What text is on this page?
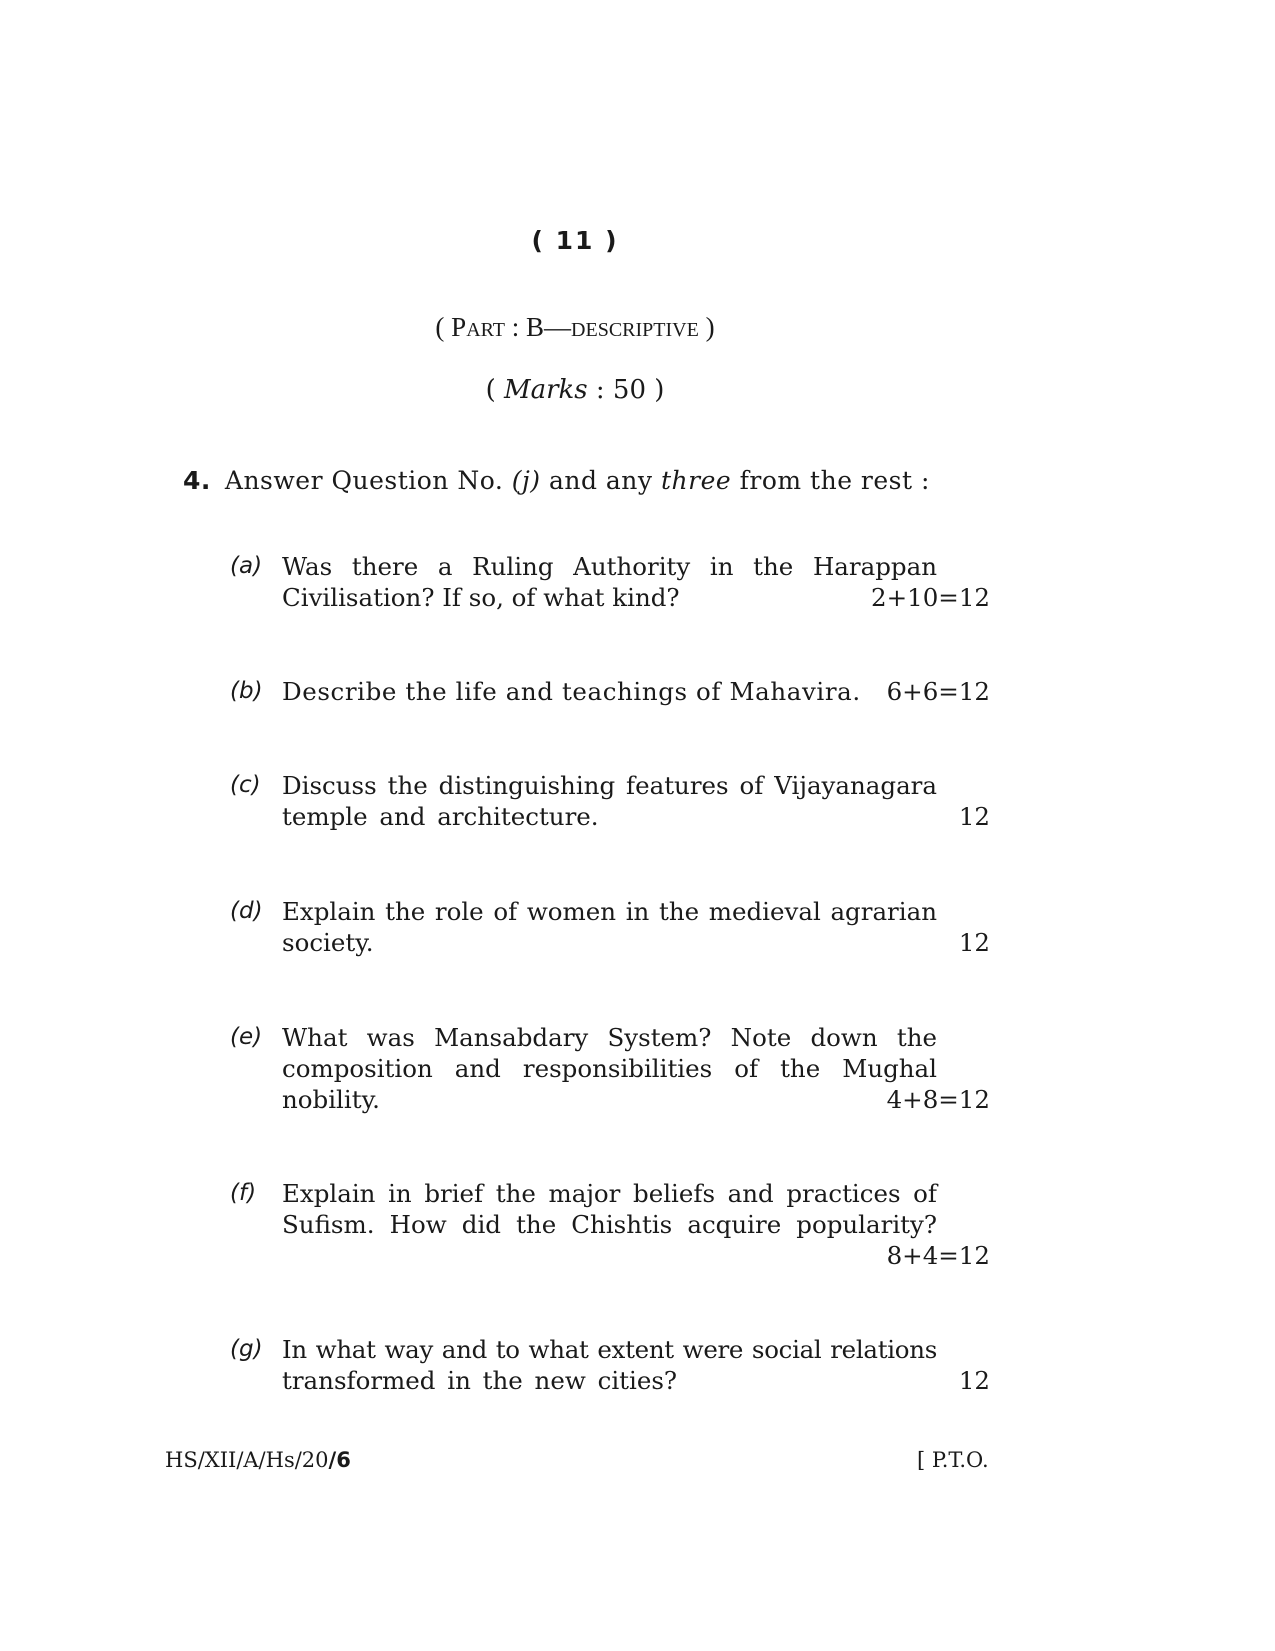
( 11 )
( PART : B—DESCRIPTIVE )
( Marks : 50 )
4. Answer Question No. (j) and any three from the rest :
(a) Was there a Ruling Authority in the Harappan
Civilisation? If so, of what kind?	2+10=12
(b) Describe the life and teachings of Mahavira.	6+6=12
(c) Discuss the distinguishing features of Vijayanagara
temple and architecture.	12
(d) Explain the role of women in the medieval agrarian
society.	12
(e) What was Mansabdary System? Note down the
composition and responsibilities of the Mughal
nobility.	4+8=12
(f) Explain in brief the major beliefs and practices of
Sufism. How did the Chishtis acquire popularity?
8+4=12
(g) In what way and to what extent were social relations
transformed in the new cities?	12
HS/XII/A/Hs/20/6	[ P.T.O.
